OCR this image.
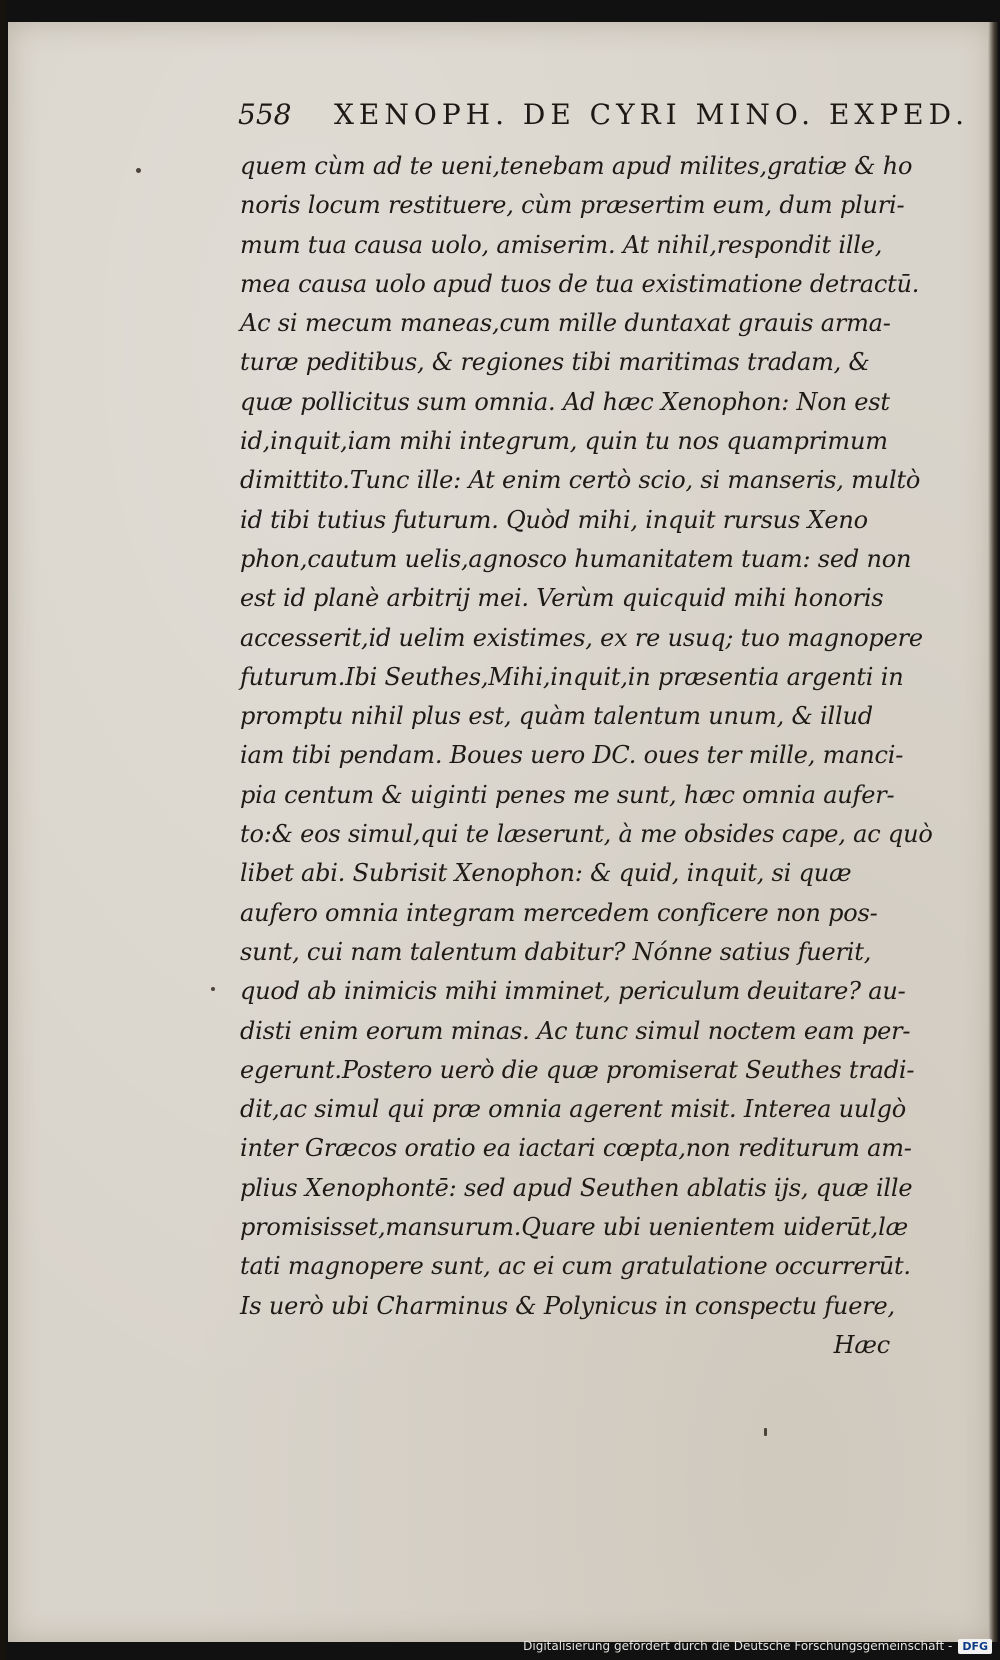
558 XENOPH. DE CYRI MINO. EXPED.
quem cùm ad te ueni,tenebam apud milites,gratiæ & ho
noris locum restituere, cùm præsertim eum, dum pluri-
mum tua causa uolo, amiserim. At nihil,respondit ille,
mea causa uolo apud tuos de tua existimatione detractū.
Ac si mecum maneas,cum mille duntaxat grauis arma-
turæ peditibus, & regiones tibi maritimas tradam, &
quæ pollicitus sum omnia. Ad hæc Xenophon: Non est
id,inquit,iam mihi integrum, quin tu nos quamprimum
dimittito.Tunc ille: At enim certò scio, si manseris, multò
id tibi tutius futurum. Quòd mihi, inquit rursus Xeno
phon,cautum uelis,agnosco humanitatem tuam: sed non
est id planè arbitrij mei. Verùm quicquid mihi honoris
accesserit,id uelim existimes, ex re usuq; tuo magnopere
futurum.Ibi Seuthes,Mihi,inquit,in præsentia argenti in
promptu nihil plus est, quàm talentum unum, & illud
iam tibi pendam. Boues uero DC. oues ter mille, manci-
pia centum & uiginti penes me sunt, hæc omnia aufer-
to:& eos simul,qui te læserunt, à me obsides cape, ac quò
libet abi. Subrisit Xenophon: & quid, inquit, si quæ
aufero omnia integram mercedem conficere non pos-
sunt, cui nam talentum dabitur? Nónne satius fuerit,
quod ab inimicis mihi imminet, periculum deuitare? au-
disti enim eorum minas. Ac tunc simul noctem eam per-
egerunt.Postero uerò die quæ promiserat Seuthes tradi-
dit,ac simul qui præ omnia agerent misit. Interea uulgò
inter Græcos oratio ea iactari cœpta,non rediturum am-
plius Xenophontē: sed apud Seuthen ablatis ijs, quæ ille
promisisset,mansurum.Quare ubi uenientem uiderūt,læ
tati magnopere sunt, ac ei cum gratulatione occurrerūt.
Is uerò ubi Charminus & Polynicus in conspectu fuere,
Hæc
Digitalisierung gefördert durch die Deutsche Forschungsgemeinschaft - DFG
